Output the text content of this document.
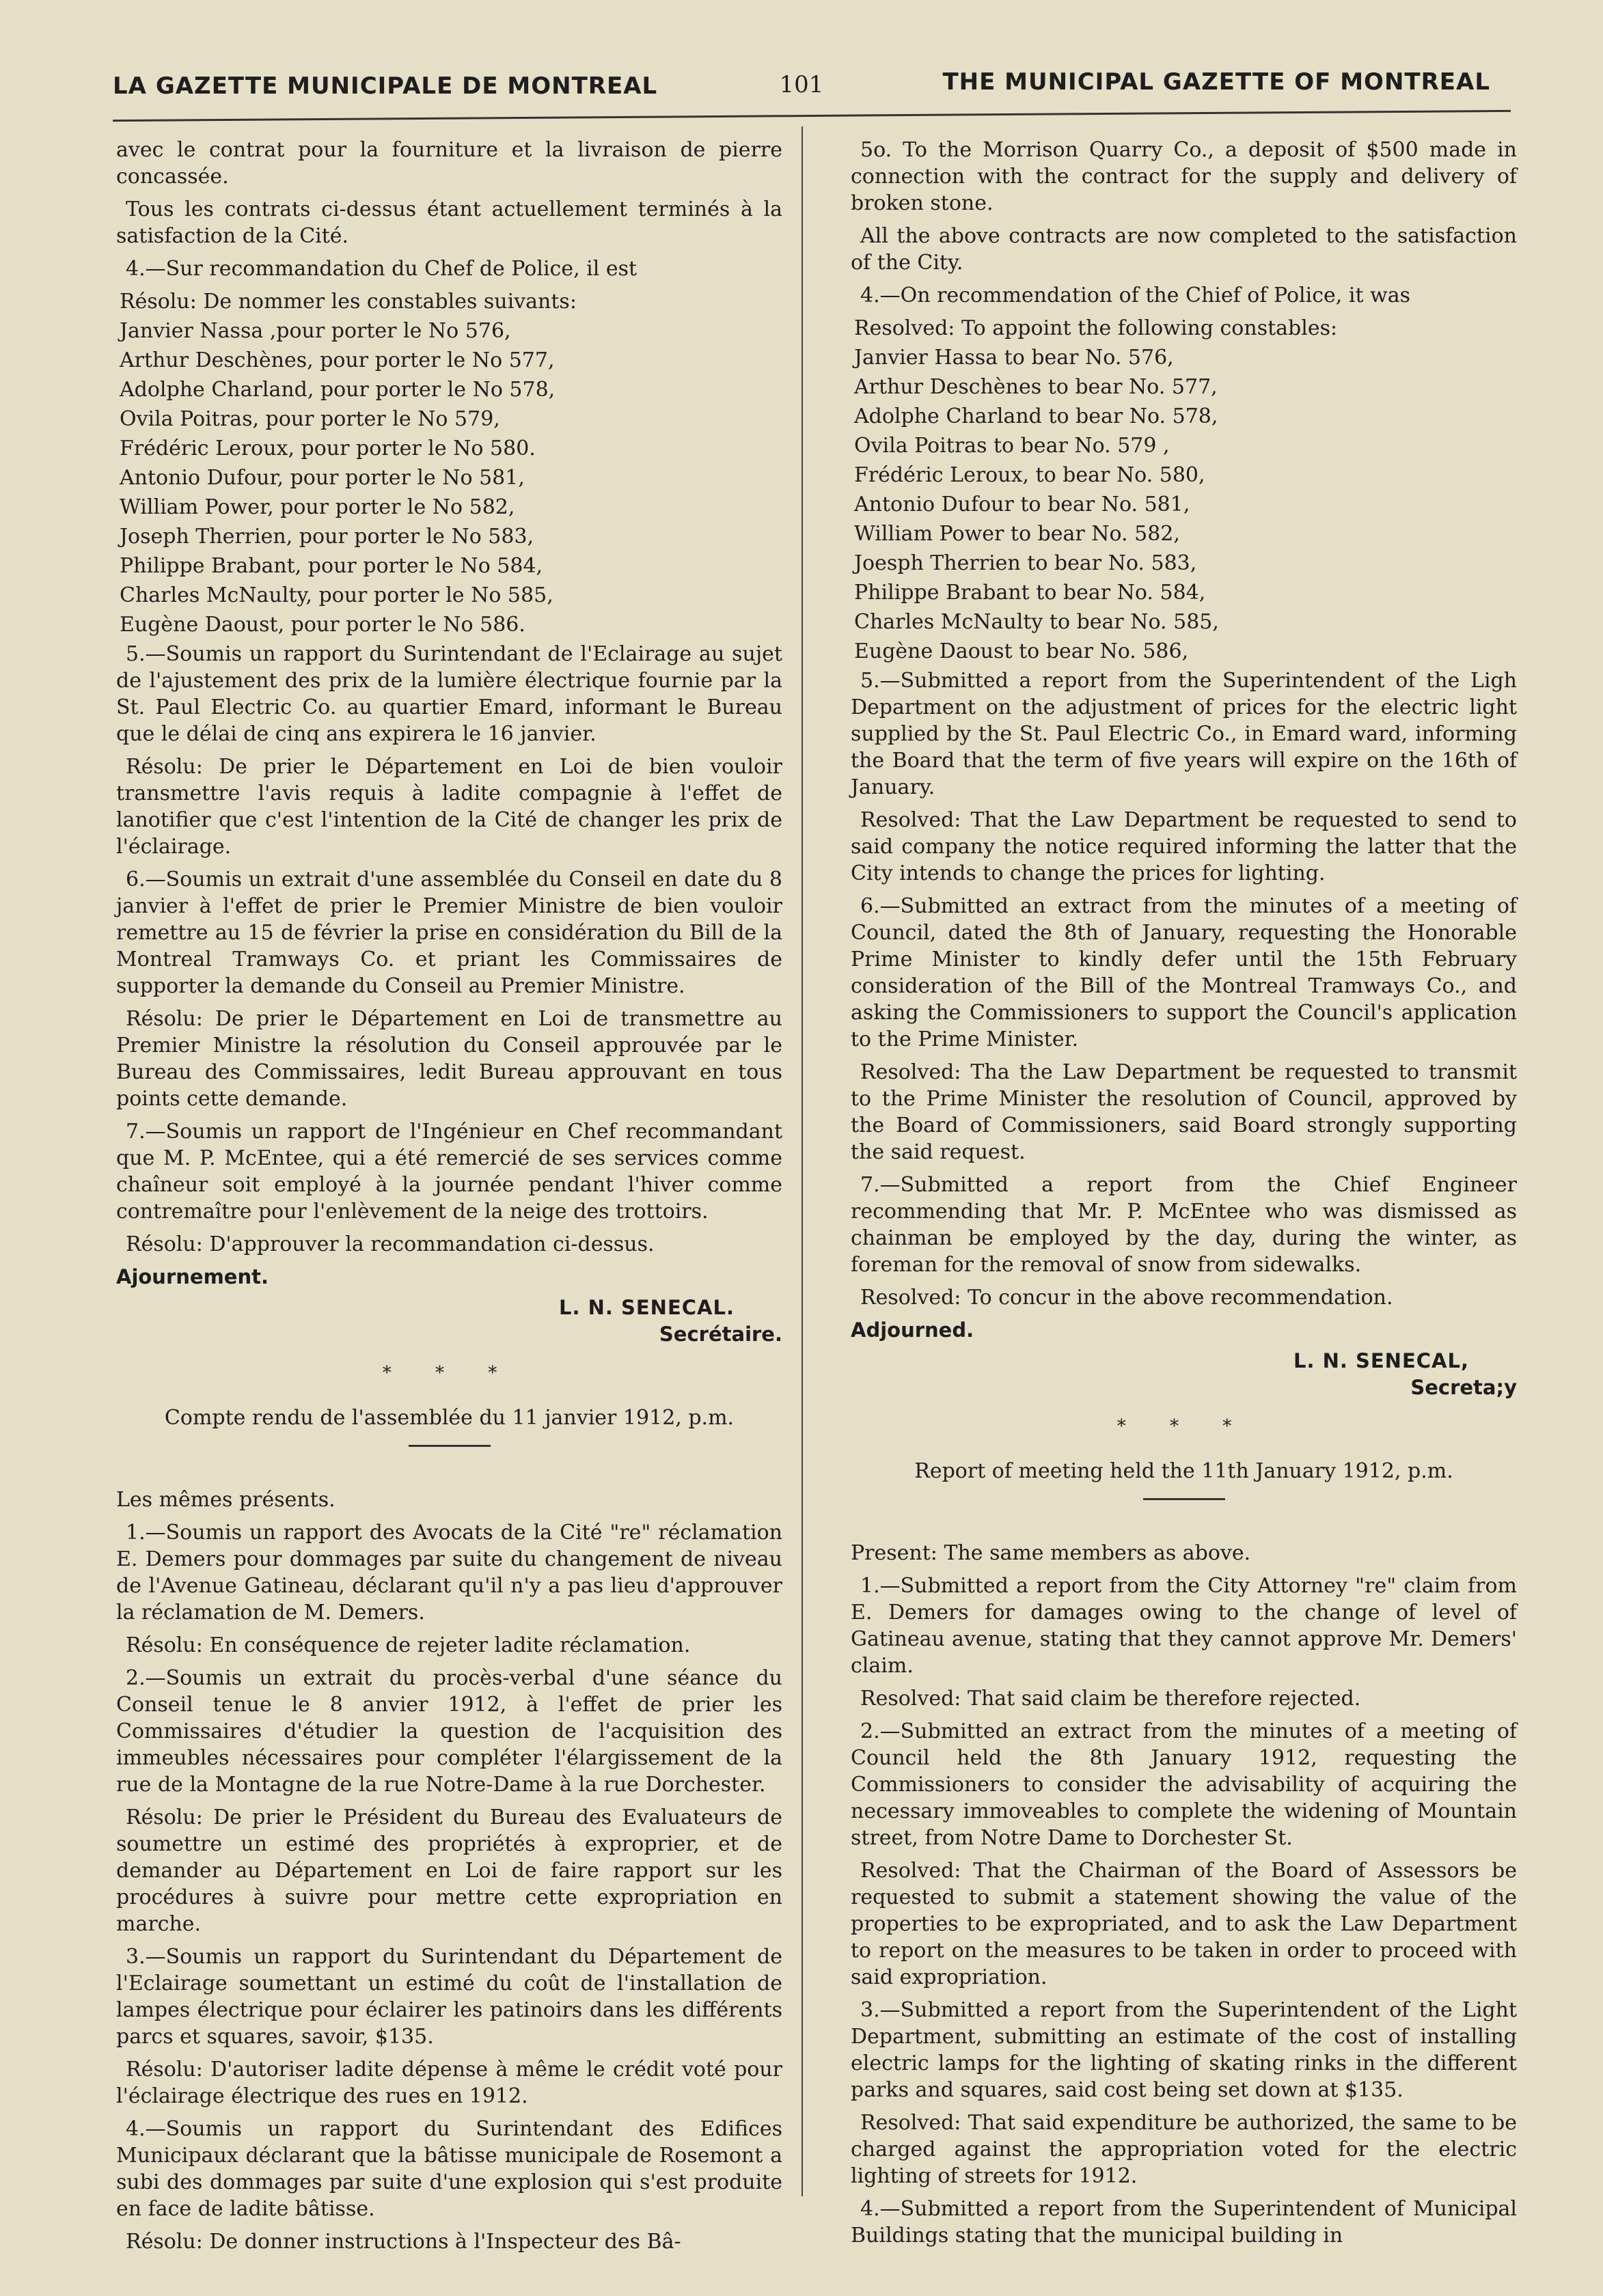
LA GAZETTE MUNICIPALE DE MONTREAL	101	THE MUNICIPAL GAZETTE OF MONTREAL

avec le contrat pour la fourniture et la livraison de pierre concassée.

Tous les contrats ci-dessus étant actuellement terminés à la satisfaction de la Cité.

4.—Sur recommandation du Chef de Police, il est

Résolu: De nommer les constables suivants:

Janvier Nassa ,pour porter le No 576,

Arthur Deschènes, pour porter le No 577,

Adolphe Charland, pour porter le No 578,

Ovila Poitras, pour porter le No 579,

Frédéric Leroux, pour porter le No 580.

Antonio Dufour, pour porter le No 581,

William Power, pour porter le No 582,

Joseph Therrien, pour porter le No 583,

Philippe Brabant, pour porter le No 584,

Charles McNaulty, pour porter le No 585,

Eugène Daoust, pour porter le No 586.

5.—Soumis un rapport du Surintendant de l'Eclairage au sujet de l'ajustement des prix de la lumière électrique fournie par la St. Paul Electric Co. au quartier Emard, informant le Bureau que le délai de cinq ans expirera le 16 janvier.

Résolu: De prier le Département en Loi de bien vouloir transmettre l'avis requis à ladite compagnie à l'effet de lanotifier que c'est l'intention de la Cité de changer les prix de l'éclairage.

6.—Soumis un extrait d'une assemblée du Conseil en date du 8 janvier à l'effet de prier le Premier Ministre de bien vouloir remettre au 15 de février la prise en considération du Bill de la Montreal Tramways Co. et priant les Commissaires de supporter la demande du Conseil au Premier Ministre.

Résolu: De prier le Département en Loi de transmettre au Premier Ministre la résolution du Conseil approuvée par le Bureau des Commissaires, ledit Bureau approuvant en tous points cette demande.

7.—Soumis un rapport de l'Ingénieur en Chef recommandant que M. P. McEntee, qui a été remercié de ses services comme chaîneur soit employé à la journée pendant l'hiver comme contremaître pour l'enlèvement de la neige des trottoirs.

Résolu: D'approuver la recommandation ci-dessus.

Ajournement.
L. N. SENECAL.
Secrétaire.
* * *
Compte rendu de l'assemblée du 11 janvier 1912, p.m.

Les mêmes présents.

1.—Soumis un rapport des Avocats de la Cité "re" réclamation E. Demers pour dommages par suite du changement de niveau de l'Avenue Gatineau, déclarant qu'il n'y a pas lieu d'approuver la réclamation de M. Demers.

Résolu: En conséquence de rejeter ladite réclamation.

2.—Soumis un extrait du procès-verbal d'une séance du Conseil tenue le 8 anvier 1912, à l'effet de prier les Commissaires d'étudier la question de l'acquisition des immeubles nécessaires pour compléter l'élargissement de la rue de la Montagne de la rue Notre-Dame à la rue Dorchester.

Résolu: De prier le Président du Bureau des Evaluateurs de soumettre un estimé des propriétés à exproprier, et de demander au Département en Loi de faire rapport sur les procédures à suivre pour mettre cette expropriation en marche.

3.—Soumis un rapport du Surintendant du Département de l'Eclairage soumettant un estimé du coût de l'installation de lampes électrique pour éclairer les patinoirs dans les différents parcs et squares, savoir, $135.

Résolu: D'autoriser ladite dépense à même le crédit voté pour l'éclairage électrique des rues en 1912.

4.—Soumis un rapport du Surintendant des Edifices Municipaux déclarant que la bâtisse municipale de Rosemont a subi des dommages par suite d'une explosion qui s'est produite en face de ladite bâtisse.

Résolu: De donner instructions à l'Inspecteur des Bâ-

5o. To the Morrison Quarry Co., a deposit of $500 made in connection with the contract for the supply and delivery of broken stone.

All the above contracts are now completed to the satisfaction of the City.

4.—On recommendation of the Chief of Police, it was

Resolved: To appoint the following constables:

Janvier Hassa to bear No. 576,

Arthur Deschènes to bear No. 577,

Adolphe Charland to bear No. 578,

Ovila Poitras to bear No. 579 ,

Frédéric Leroux, to bear No. 580,

Antonio Dufour to bear No. 581,

William Power to bear No. 582,

Joesph Therrien to bear No. 583,

Philippe Brabant to bear No. 584,

Charles McNaulty to bear No. 585,

Eugène Daoust to bear No. 586,

5.—Submitted a report from the Superintendent of the Ligh Department on the adjustment of prices for the electric light supplied by the St. Paul Electric Co., in Emard ward, informing the Board that the term of five years will expire on the 16th of January.

Resolved: That the Law Department be requested to send to said company the notice required informing the latter that the City intends to change the prices for lighting.

6.—Submitted an extract from the minutes of a meeting of Council, dated the 8th of January, requesting the Honorable Prime Minister to kindly defer until the 15th February consideration of the Bill of the Montreal Tramways Co., and asking the Commissioners to support the Council's application to the Prime Minister.

Resolved: Tha the Law Department be requested to transmit to the Prime Minister the resolution of Council, approved by the Board of Commissioners, said Board strongly supporting the said request.

7.—Submitted a report from the Chief Engineer recommending that Mr. P. McEntee who was dismissed as chainman be employed by the day, during the winter, as foreman for the removal of snow from sidewalks.

Resolved: To concur in the above recommendation.

Adjourned.
L. N. SENECAL,
Secreta;y
* * *
Report of meeting held the 11th January 1912, p.m.

Present: The same members as above.

1.—Submitted a report from the City Attorney "re" claim from E. Demers for damages owing to the change of level of Gatineau avenue, stating that they cannot approve Mr. Demers' claim.

Resolved: That said claim be therefore rejected.

2.—Submitted an extract from the minutes of a meeting of Council held the 8th January 1912, requesting the Commissioners to consider the advisability of acquiring the necessary immoveables to complete the widening of Mountain street, from Notre Dame to Dorchester St.

Resolved: That the Chairman of the Board of Assessors be requested to submit a statement showing the value of the properties to be expropriated, and to ask the Law Department to report on the measures to be taken in order to proceed with said expropriation.

3.—Submitted a report from the Superintendent of the Light Department, submitting an estimate of the cost of installing electric lamps for the lighting of skating rinks in the different parks and squares, said cost being set down at $135.

Resolved: That said expenditure be authorized, the same to be charged against the appropriation voted for the electric lighting of streets for 1912.

4.—Submitted a report from the Superintendent of Municipal Buildings stating that the municipal building in
